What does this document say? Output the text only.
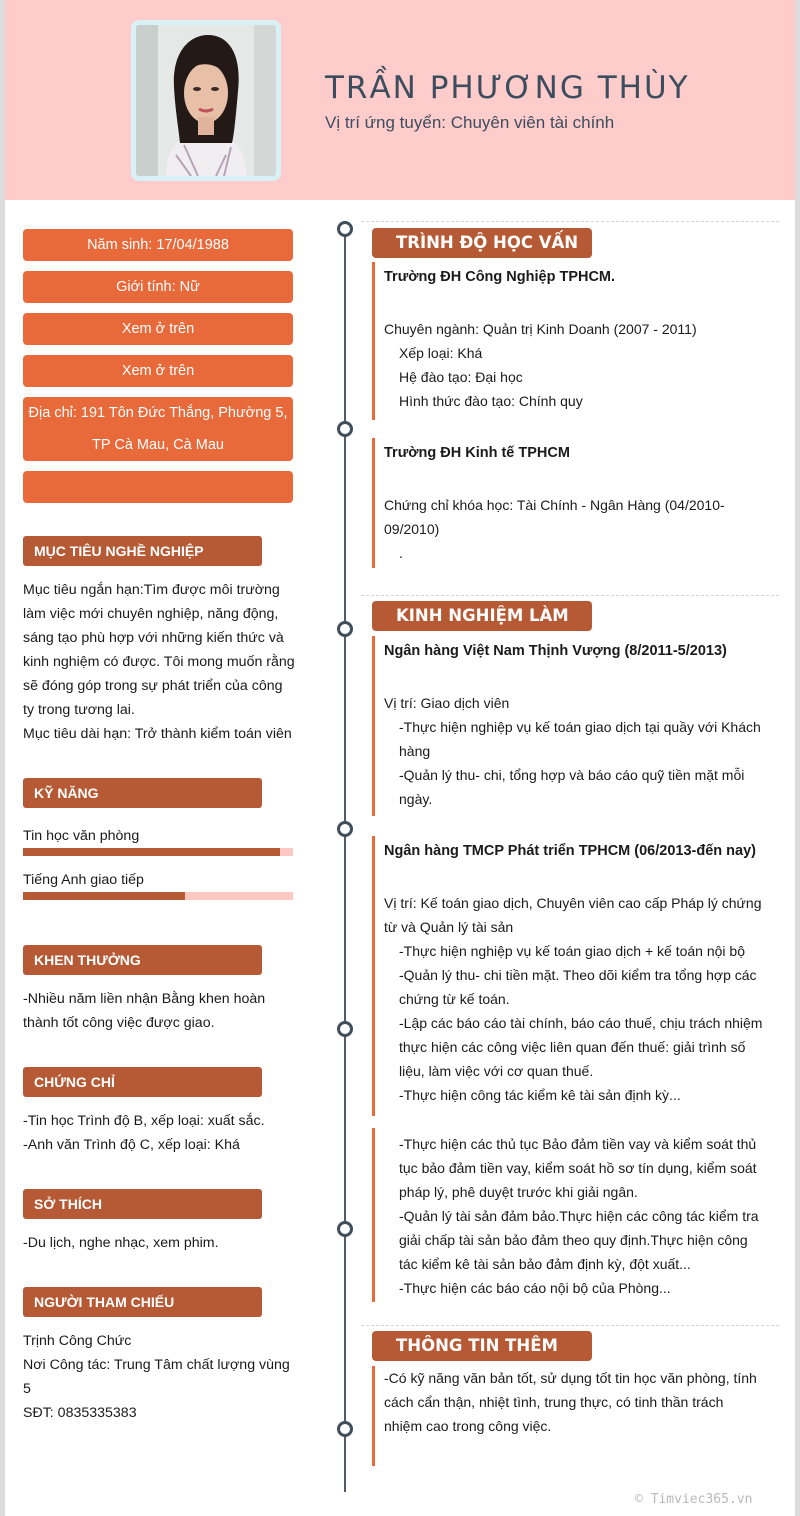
TRẦN PHƯƠNG THÙY
Vị trí ứng tuyển: Chuyên viên tài chính
Năm sinh: 17/04/1988
Giới tính: Nữ
Xem ở trên
Xem ở trên
Địa chỉ: 191 Tôn Đức Thắng, Phường 5,
TP Cà Mau, Cà Mau
MỤC TIÊU NGHỀ NGHIỆP
Mục tiêu ngắn hạn:Tìm được môi trường
làm việc mới chuyên nghiệp, năng động,
sáng tạo phù hợp với những kiến thức và
kinh nghiệm có được. Tôi mong muốn rằng
sẽ đóng góp trong sự phát triển của công
ty trong tương lai.
Mục tiêu dài hạn: Trở thành kiểm toán viên
KỸ NĂNG
Tin học văn phòng
Tiếng Anh giao tiếp
KHEN THƯỞNG
-Nhiều năm liền nhận Bằng khen hoàn
thành tốt công việc được giao.
CHỨNG CHỈ
-Tin học Trình độ B, xếp loại: xuất sắc.
-Anh văn Trình độ C, xếp loại: Khá
SỞ THÍCH
-Du lịch, nghe nhạc, xem phim.
NGƯỜI THAM CHIẾU
Trịnh Công Chức
Nơi Công tác: Trung Tâm chất lượng vùng 5
SĐT: 0835335383
TRÌNH ĐỘ HỌC VẤN
Trường ĐH Công Nghiệp TPHCM.
Chuyên ngành: Quản trị Kinh Doanh (2007 - 2011)
Xếp loại: Khá
Hệ đào tạo: Đại học
Hình thức đào tạo: Chính quy
Trường ĐH Kinh tế TPHCM
Chứng chỉ khóa học: Tài Chính - Ngân Hàng (04/2010-
09/2010)
.
KINH NGHIỆM LÀM
Ngân hàng Việt Nam Thịnh Vượng (8/2011-5/2013)
Vị trí: Giao dịch viên
-Thực hiện nghiệp vụ kế toán giao dịch tại quầy với Khách
hàng
-Quản lý thu- chi, tổng hợp và báo cáo quỹ tiền mặt mỗi
ngày.
Ngân hàng TMCP Phát triển TPHCM (06/2013-đến nay)
Vị trí: Kế toán giao dịch, Chuyên viên cao cấp Pháp lý chứng
từ và Quản lý tài sản
-Thực hiện nghiệp vụ kế toán giao dịch + kế toán nội bộ
-Quản lý thu- chi tiền mặt. Theo dõi kiểm tra tổng hợp các
chứng từ kế toán.
-Lập các báo cáo tài chính, báo cáo thuế, chịu trách nhiệm
thực hiện các công việc liên quan đến thuế: giải trình số
liệu, làm việc với cơ quan thuế.
-Thực hiện công tác kiểm kê tài sản định kỳ...
-Thực hiện các thủ tục Bảo đảm tiền vay và kiểm soát thủ
tục bảo đảm tiền vay, kiểm soát hồ sơ tín dụng, kiểm soát
pháp lý, phê duyệt trước khi giải ngân.
-Quản lý tài sản đảm bảo.Thực hiện các công tác kiểm tra
giải chấp tài sản bảo đảm theo quy định.Thực hiện công
tác kiểm kê tài sản bảo đảm định kỳ, đột xuất...
-Thực hiện các báo cáo nội bộ của Phòng...
THÔNG TIN THÊM
-Có kỹ năng văn bản tốt, sử dụng tốt tin học văn phòng, tính
cách cẩn thận, nhiệt tình, trung thực, có tinh thần trách
nhiệm cao trong công việc.
© Timviec365.vn
